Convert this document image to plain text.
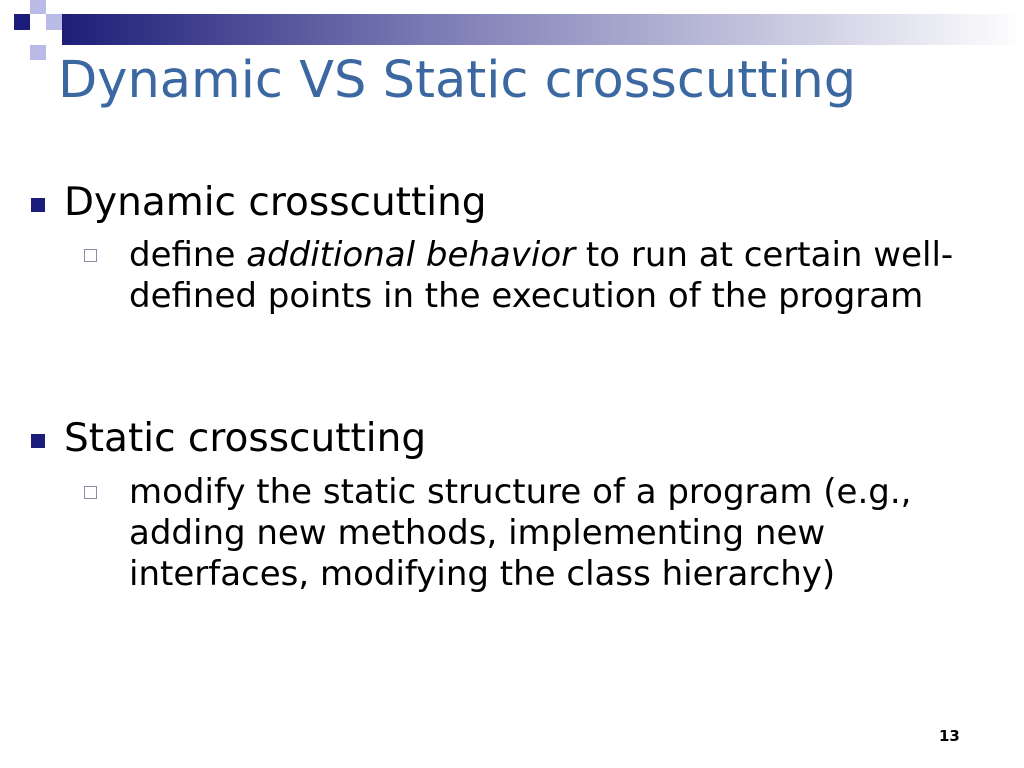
Dynamic VS Static crosscutting
Dynamic crosscutting
define additional behavior to run at certain well-defined points in the execution of the program
Static crosscutting
modify the static structure of a program (e.g., adding new methods, implementing new interfaces, modifying the class hierarchy)
13
